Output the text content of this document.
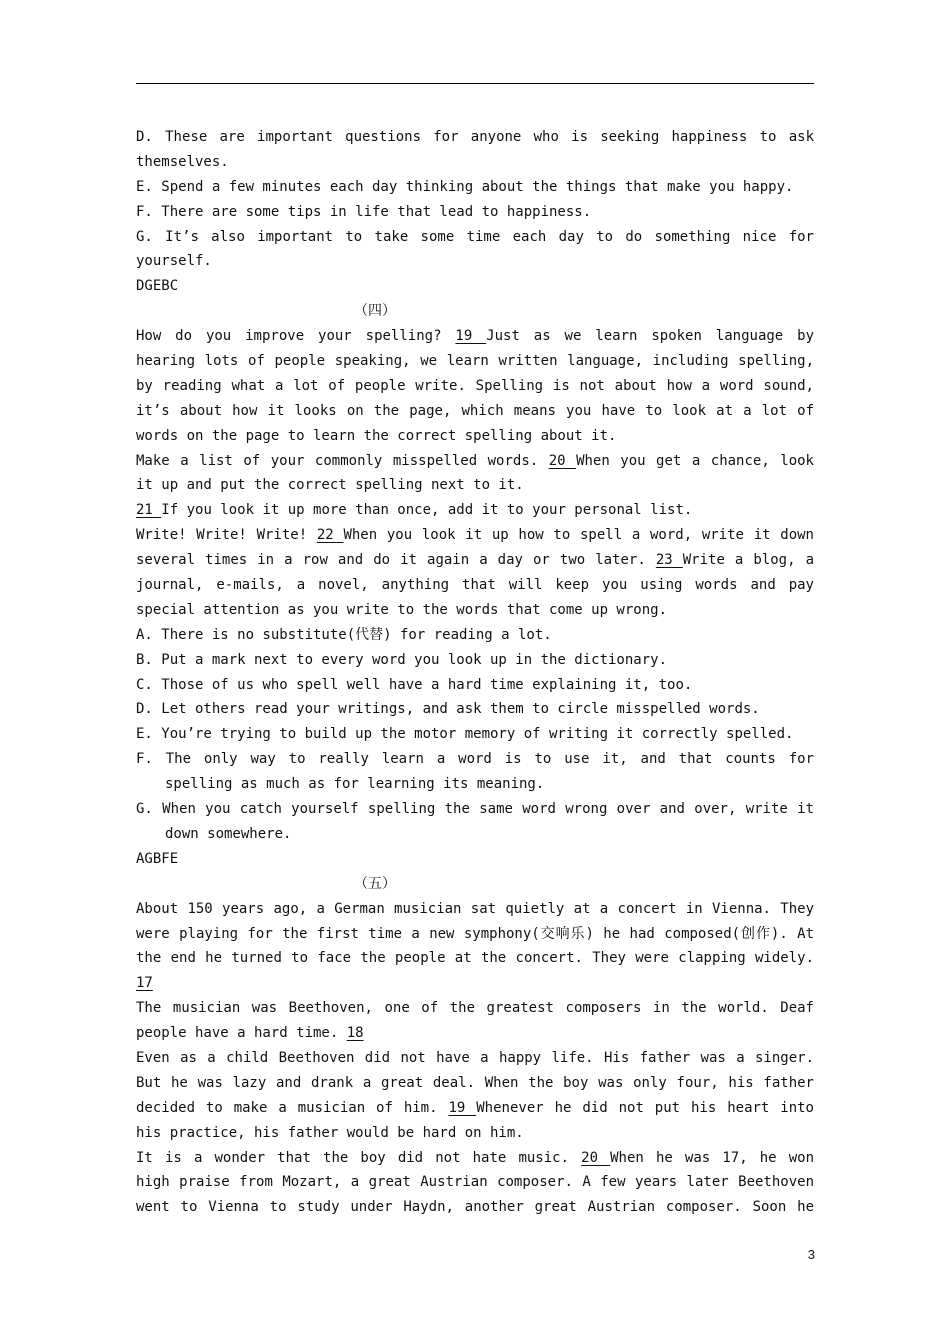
D. These are important questions for anyone who is seeking happiness to ask
themselves.
E. Spend a few minutes each day thinking about the things that make you happy.
F. There are some tips in life that lead to happiness.
G. It’s also important to take some time each day to do something nice for
yourself.
DGEBC
（四）
How do you improve your spelling? 19 Just as we learn spoken language by
hearing lots of people speaking, we learn written language, including spelling,
by reading what a lot of people write. Spelling is not about how a word sound,
it’s about how it looks on the page, which means you have to look at a lot of
words on the page to learn the correct spelling about it.
Make a list of your commonly misspelled words. 20 When you get a chance, look
it up and put the correct spelling next to it.
21 If you look it up more than once, add it to your personal list.
Write! Write! Write! 22 When you look it up how to spell a word, write it down
several times in a row and do it again a day or two later. 23 Write a blog, a
journal, e-mails, a novel, anything that will keep you using words and pay
special attention as you write to the words that come up wrong.
A. There is no substitute(代替) for reading a lot.
B. Put a mark next to every word you look up in the dictionary.
C. Those of us who spell well have a hard time explaining it, too.
D. Let others read your writings, and ask them to circle misspelled words.
E. You’re trying to build up the motor memory of writing it correctly spelled.
F. The only way to really learn a word is to use it, and that counts for
spelling as much as for learning its meaning.
G. When you catch yourself spelling the same word wrong over and over, write it
down somewhere.
AGBFE
（五）
About 150 years ago, a German musician sat quietly at a concert in Vienna. They
were playing for the first time a new symphony(交响乐) he had composed(创作). At
the end he turned to face the people at the concert. They were clapping widely.
17
The musician was Beethoven, one of the greatest composers in the world. Deaf
people have a hard time. 18
Even as a child Beethoven did not have a happy life. His father was a singer.
But he was lazy and drank a great deal. When the boy was only four, his father
decided to make a musician of him. 19 Whenever he did not put his heart into
his practice, his father would be hard on him.
It is a wonder that the boy did not hate music. 20 When he was 17, he won
high praise from Mozart, a great Austrian composer. A few years later Beethoven
went to Vienna to study under Haydn, another great Austrian composer. Soon he
3
